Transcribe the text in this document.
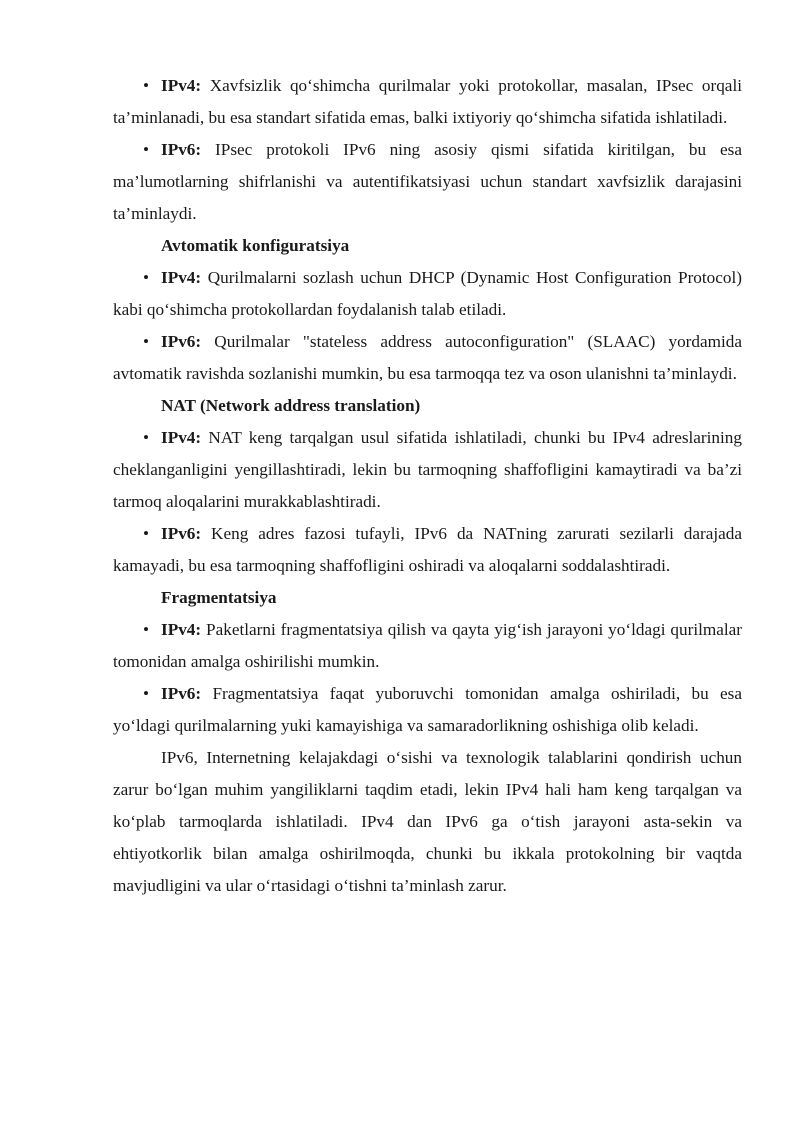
• IPv4: Xavfsizlik qo‘shimcha qurilmalar yoki protokollar, masalan, IPsec orqali ta’minlanadi, bu esa standart sifatida emas, balki ixtiyoriy qo‘shimcha sifatida ishlatiladi.

• IPv6: IPsec protokoli IPv6 ning asosiy qismi sifatida kiritilgan, bu esa ma’lumotlarning shifrlanishi va autentifikatsiyasi uchun standart xavfsizlik darajasini ta’minlaydi.

Avtomatik konfiguratsiya

• IPv4: Qurilmalarni sozlash uchun DHCP (Dynamic Host Configuration Protocol) kabi qo‘shimcha protokollardan foydalanish talab etiladi.

• IPv6: Qurilmalar "stateless address autoconfiguration" (SLAAC) yordamida avtomatik ravishda sozlanishi mumkin, bu esa tarmoqqa tez va oson ulanishni ta’minlaydi.

NAT (Network address translation)

• IPv4: NAT keng tarqalgan usul sifatida ishlatiladi, chunki bu IPv4 adreslarining cheklanganligini yengillashtiradi, lekin bu tarmoqning shaffofligini kamaytiradi va ba’zi tarmoq aloqalarini murakkablashtiradi.

• IPv6: Keng adres fazosi tufayli, IPv6 da NATning zarurati sezilarli darajada kamayadi, bu esa tarmoqning shaffofligini oshiradi va aloqalarni soddalashtiradi.

Fragmentatsiya

• IPv4: Paketlarni fragmentatsiya qilish va qayta yig‘ish jarayoni yo‘ldagi qurilmalar tomonidan amalga oshirilishi mumkin.

• IPv6: Fragmentatsiya faqat yuboruvchi tomonidan amalga oshiriladi, bu esa yo‘ldagi qurilmalarning yuki kamayishiga va samaradorlikning oshishiga olib keladi.

IPv6, Internetning kelajakdagi o‘sishi va texnologik talablarini qondirish uchun zarur bo‘lgan muhim yangiliklarni taqdim etadi, lekin IPv4 hali ham keng tarqalgan va ko‘plab tarmoqlarda ishlatiladi. IPv4 dan IPv6 ga o‘tish jarayoni asta-sekin va ehtiyotkorlik bilan amalga oshirilmoqda, chunki bu ikkala protokolning bir vaqtda mavjudligini va ular o‘rtasidagi o‘tishni ta’minlash zarur.
